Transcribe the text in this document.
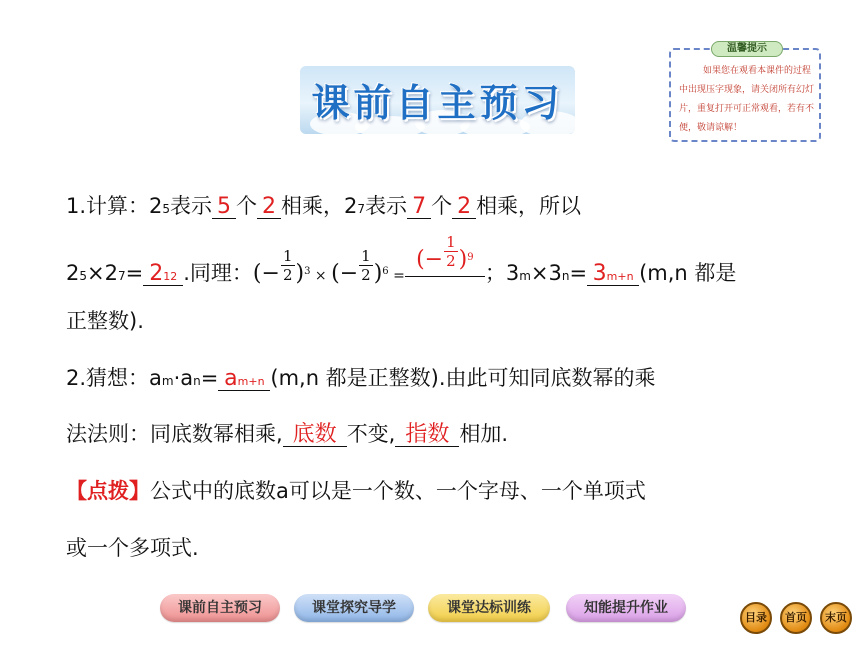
课前自主预习
温馨提示
如果您在观看本课件的过程中出现压字现象，请关闭所有幻灯片，重复打开可正常观看，若有不便，敬请谅解！
1.计算：25表示 5 个 2 相乘，27表示 7 个 2 相乘，所以
25×27= 212 .同理：(− $\frac{1}{2} )^3$ × (− $\frac{1}{2} )^6$ =(− $\frac{1}{2} )^9$；3m×3n= 3m+n (m,n 都是
正整数).
2.猜想：am·an= am+n (m,n 都是正整数).由此可知同底数幂的乘
法法则：同底数幂相乘, 底数 不变, 指数 相加.
【点拨】公式中的底数a可以是一个数、一个字母、一个单项式
或一个多项式.
课前自主预习	课堂探究导学	课堂达标训练	知能提升作业
目录	首页	末页
